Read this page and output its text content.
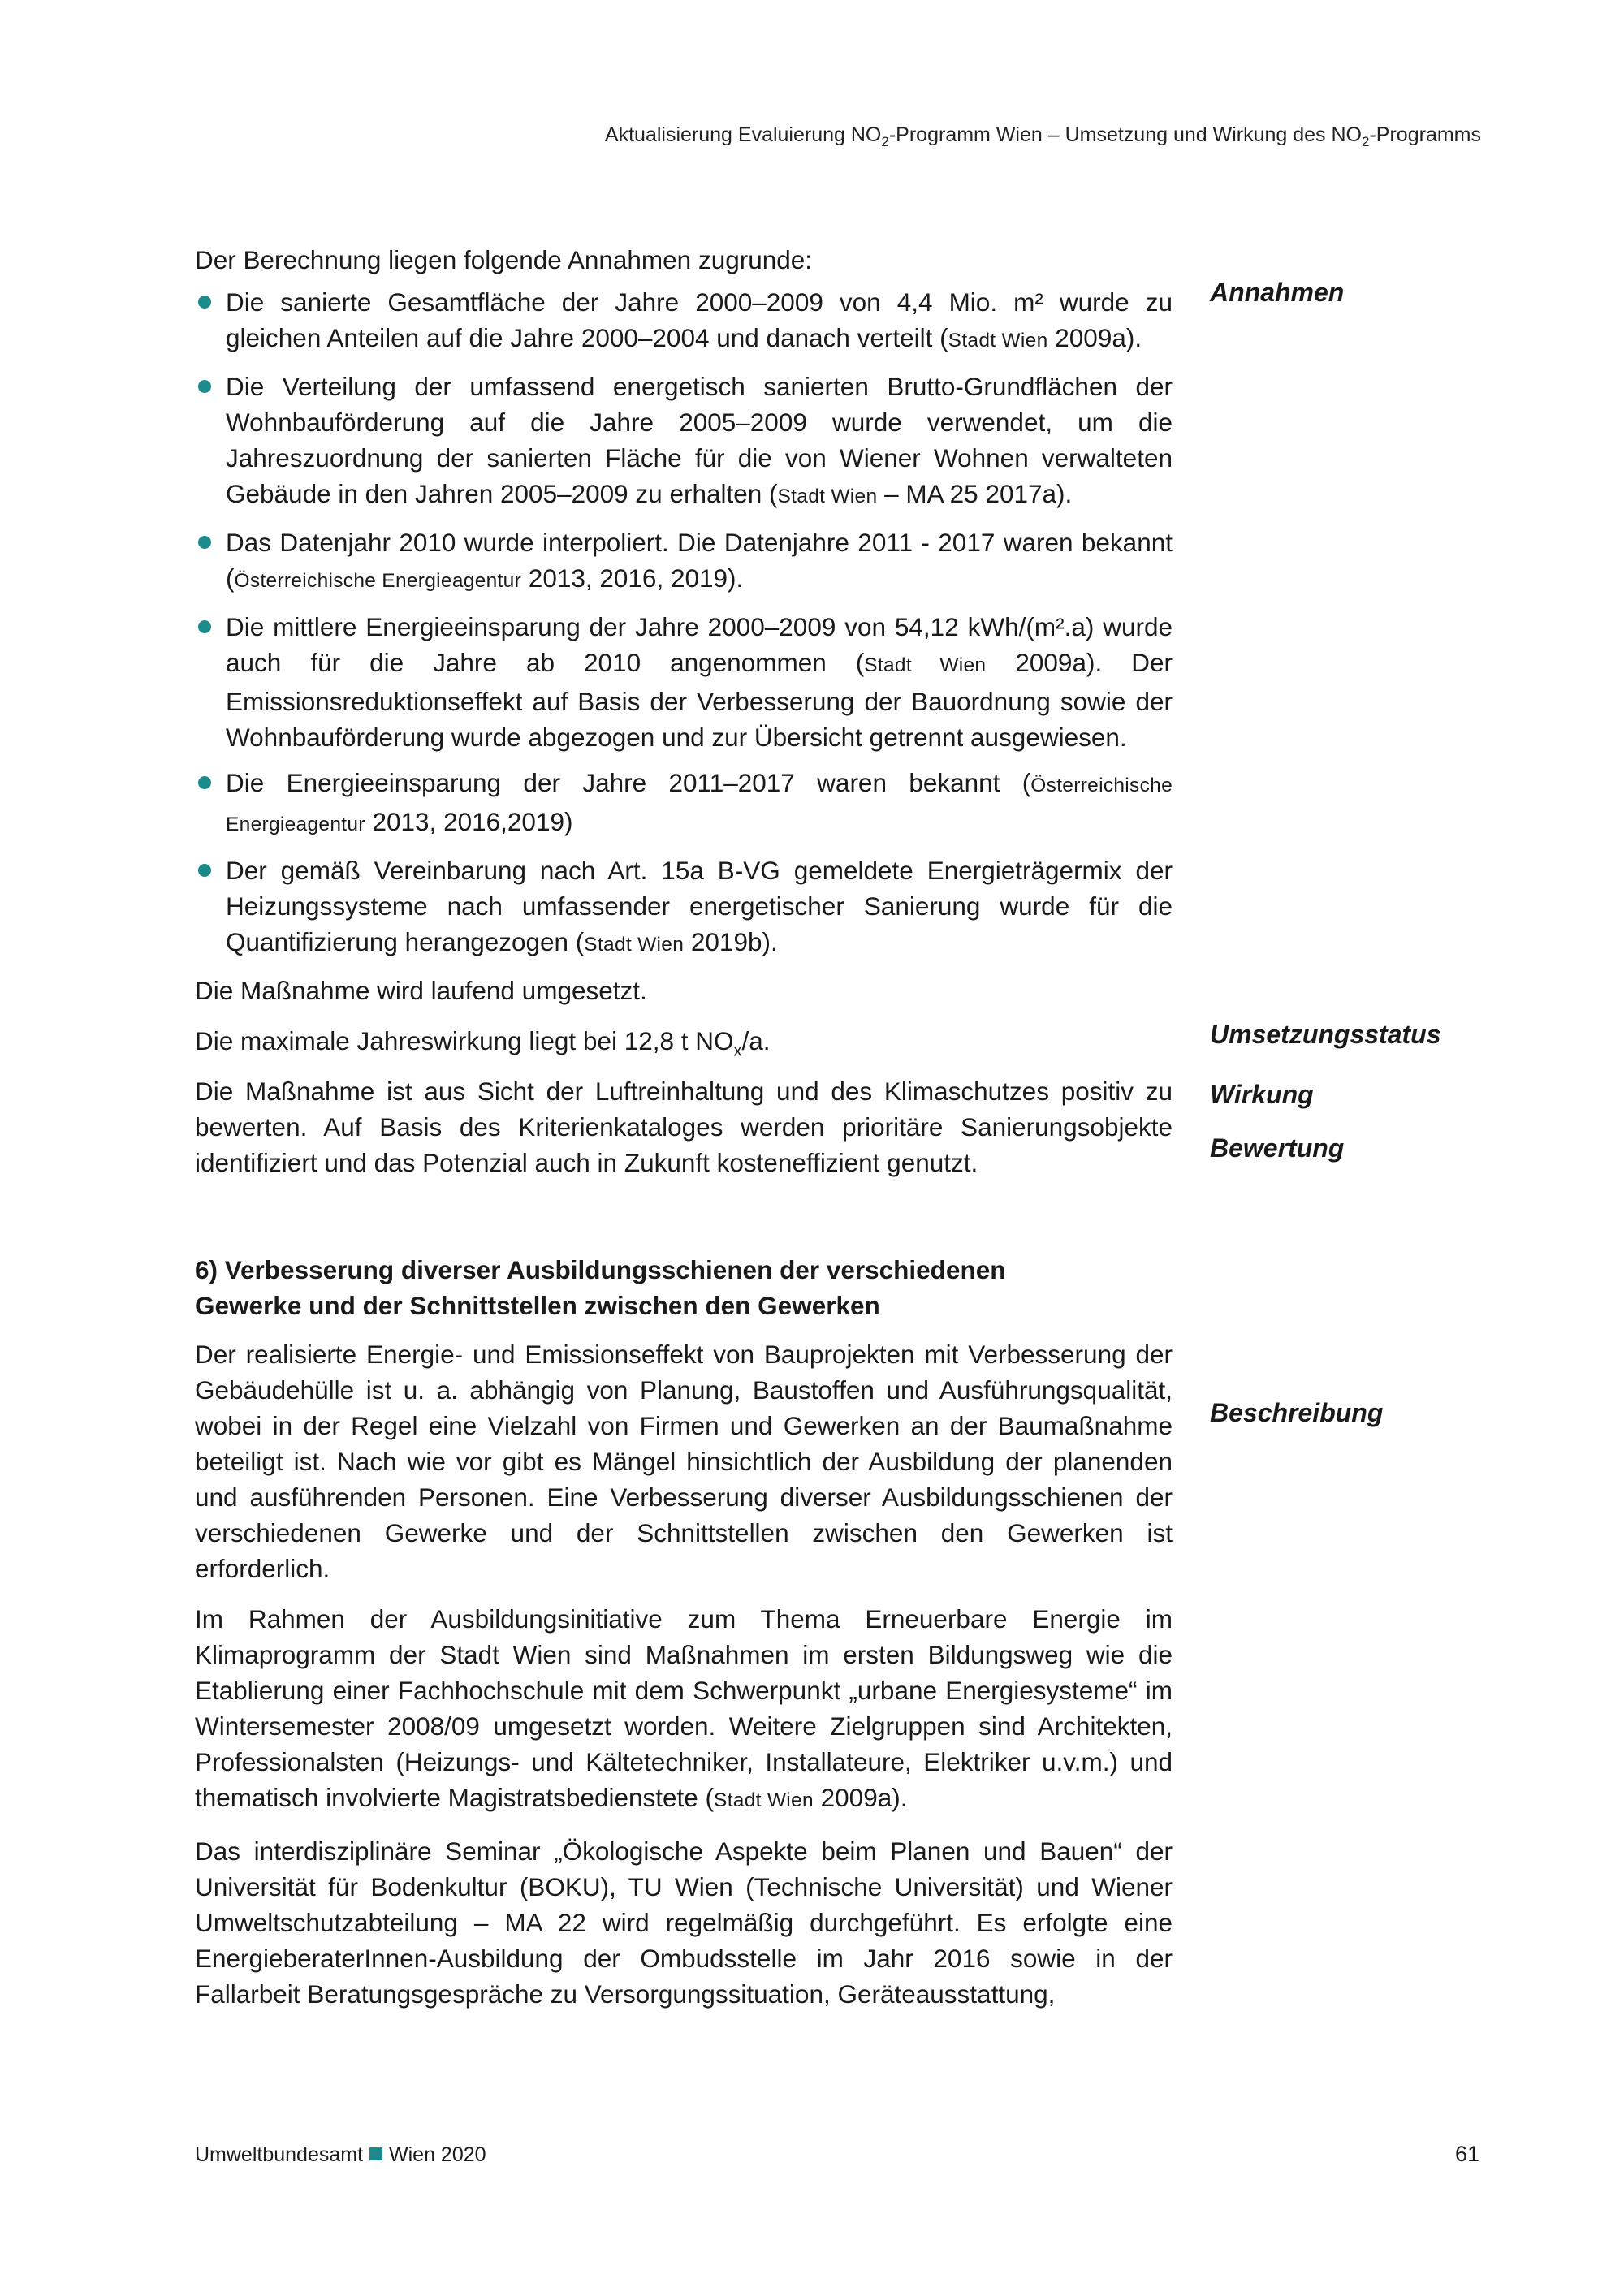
Aktualisierung Evaluierung $NO_2$-Programm Wien – Umsetzung und Wirkung des $NO_2$-Programms

Der Berechnung liegen folgende Annahmen zugrunde:

Die sanierte Gesamtfläche der Jahre 2000–2009 von 4,4 Mio. m² wurde zu gleichen Anteilen auf die Jahre 2000–2004 und danach verteilt (Stadt Wien 2009a).
Die Verteilung der umfassend energetisch sanierten Brutto-Grundflächen der Wohnbauförderung auf die Jahre 2005–2009 wurde verwendet, um die Jahreszuordnung der sanierten Fläche für die von Wiener Wohnen verwalteten Gebäude in den Jahren 2005–2009 zu erhalten (Stadt Wien – MA 25 2017a).
Das Datenjahr 2010 wurde interpoliert. Die Datenjahre 2011 - 2017 waren bekannt (Österreichische Energieagentur 2013, 2016, 2019).
Die mittlere Energieeinsparung der Jahre 2000–2009 von 54,12 kWh/(m².a) wurde auch für die Jahre ab 2010 angenommen (Stadt Wien 2009a). Der Emissionsreduktionseffekt auf Basis der Verbesserung der Bauordnung sowie der Wohnbauförderung wurde abgezogen und zur Übersicht getrennt ausgewiesen.
Die Energieeinsparung der Jahre 2011–2017 waren bekannt (Österreichische Energieagentur 2013, 2016,2019)
Der gemäß Vereinbarung nach Art. 15a B-VG gemeldete Energieträgermix der Heizungssysteme nach umfassender energetischer Sanierung wurde für die Quantifizierung herangezogen (Stadt Wien 2019b).

Die Maßnahme wird laufend umgesetzt.

Die maximale Jahreswirkung liegt bei 12,8 t $NO_x/a$.

Die Maßnahme ist aus Sicht der Luftreinhaltung und des Klimaschutzes positiv zu bewerten. Auf Basis des Kriterienkataloges werden prioritäre Sanierungsobjekte identifiziert und das Potenzial auch in Zukunft kosteneffizient genutzt.

6) Verbesserung diverser Ausbildungsschienen der verschiedenen
Gewerke und der Schnittstellen zwischen den Gewerken

Der realisierte Energie- und Emissionseffekt von Bauprojekten mit Verbesserung der Gebäudehülle ist u. a. abhängig von Planung, Baustoffen und Ausführungsqualität, wobei in der Regel eine Vielzahl von Firmen und Gewerken an der Baumaßnahme beteiligt ist. Nach wie vor gibt es Mängel hinsichtlich der Ausbildung der planenden und ausführenden Personen. Eine Verbesserung diverser Ausbildungsschienen der verschiedenen Gewerke und der Schnittstellen zwischen den Gewerken ist erforderlich.

Im Rahmen der Ausbildungsinitiative zum Thema Erneuerbare Energie im Klimaprogramm der Stadt Wien sind Maßnahmen im ersten Bildungsweg wie die Etablierung einer Fachhochschule mit dem Schwerpunkt „urbane Energiesysteme“ im Wintersemester 2008/09 umgesetzt worden. Weitere Zielgruppen sind Architekten, Professionalsten (Heizungs- und Kältetechniker, Installateure, Elektriker u.v.m.) und thematisch involvierte Magistratsbedienstete (Stadt Wien 2009a).

Das interdisziplinäre Seminar „Ökologische Aspekte beim Planen und Bauen“ der Universität für Bodenkultur (BOKU), TU Wien (Technische Universität) und Wiener Umweltschutzabteilung – MA 22 wird regelmäßig durchgeführt. Es erfolgte eine EnergieberaterInnen-Ausbildung der Ombudsstelle im Jahr 2016 sowie in der Fallarbeit Beratungsgespräche zu Versorgungssituation, Geräteausstattung,

Annahmen
Umsetzungsstatus
Wirkung
Bewertung
Beschreibung
Umweltbundesamt Wien 2020	61
